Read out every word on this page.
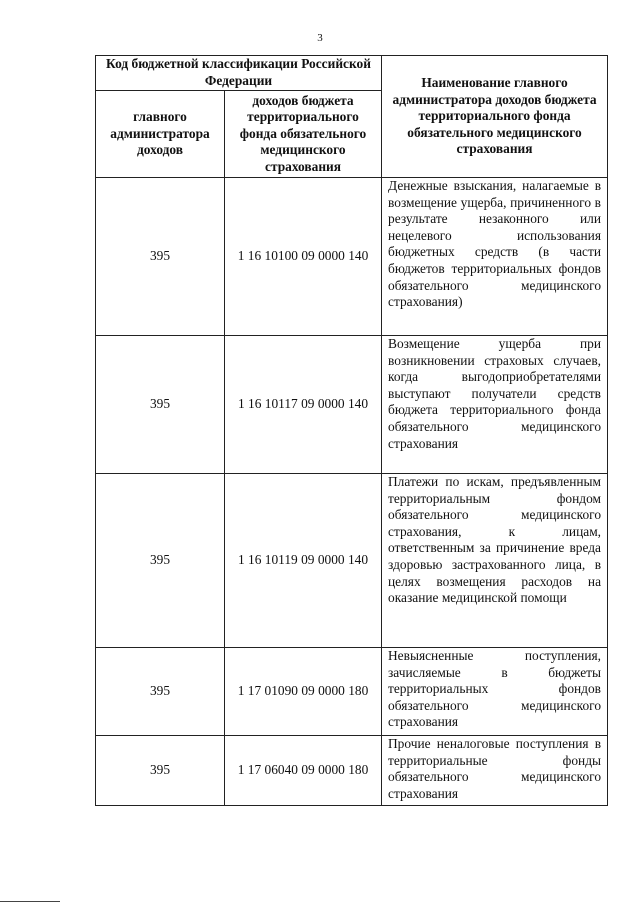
3
Код бюджетной классификации Российской Федерации		Наименование главного администратора доходов бюджета территориального фонда обязательного медицинского страхования
главного администратора доходов	доходов бюджета территориального фонда обязательного медицинского страхования	
395	1 16 10100 09 0000 140	Денежные взыскания, налагаемые в возмещение ущерба, причиненного в результате незаконного или нецелевого использования бюджетных средств (в части бюджетов территориальных фондов обязательного медицинского страхования)
395	1 16 10117 09 0000 140	Возмещение ущерба при возникновении страховых случаев, когда выгодоприобретателями выступают получатели средств бюджета территориального фонда обязательного медицинского страхования
395	1 16 10119 09 0000 140	Платежи по искам, предъявленным территориальным фондом обязательного медицинского страхования, к лицам, ответственным за причинение вреда здоровью застрахованного лица, в целях возмещения расходов на оказание медицинской помощи
395	1 17 01090 09 0000 180	Невыясненные поступления, зачисляемые в бюджеты территориальных фондов обязательного медицинского страхования
395	1 17 06040 09 0000 180	Прочие неналоговые поступления в территориальные фонды обязательного медицинского страхования
